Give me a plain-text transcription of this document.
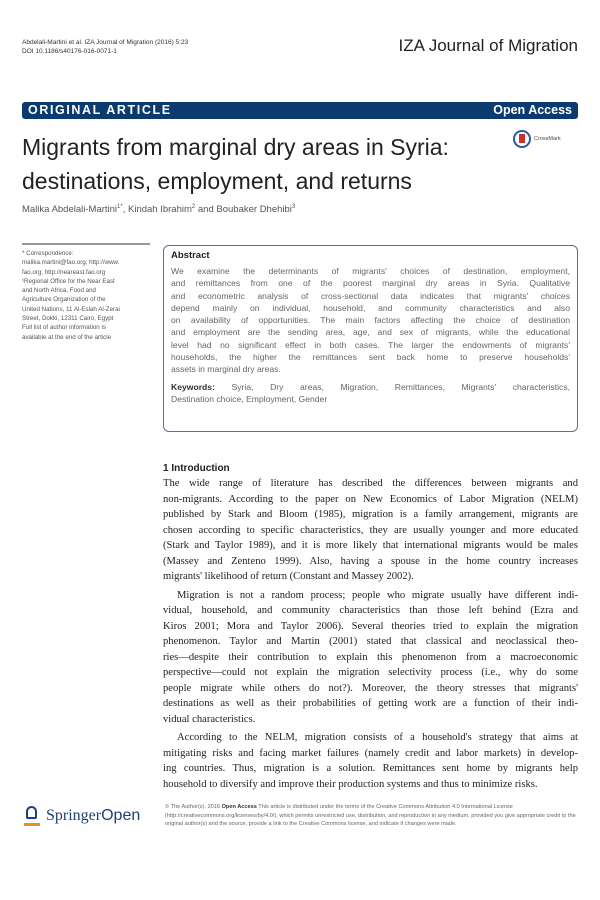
Abdelali-Martini et al. IZA Journal of Migration (2016) 5:23
DOI 10.1186/s40176-016-0071-1	IZA Journal of Migration
ORIGINAL ARTICLE	Open Access
CrossMark
Migrants from marginal dry areas in Syria:
destinations, employment, and returns
Malika Abdelali-Martini$^{1*}$, Kindah Ibrahim$^2$ and Boubaker Dhehibi$^3$
* Correspondence:
malika.martini@fao.org; http://www.
fao.org; http://neareast.fao.org
¹Regional Office for the Near East
and North Africa, Food and
Agriculture Organization of the
United Nations, 11 Al-Eslah Al-Zerai
Street, Dokki, 12311 Cairo, Egypt
Full list of author information is
available at the end of the article
Abstract
We examine the determinants of migrants' choices of destination, employment,
and remittances from one of the poorest marginal dry areas in Syria. Qualitative
and econometric analysis of cross-sectional data indicates that migrants' choices
depend mainly on individual, household, and community characteristics and also
on availability of opportunities. The main factors affecting the choice of destination
and employment are the sending area, age, and sex of migrants, while the educational
level had no significant effect in both cases. The larger the endowments of migrants'
households, the higher the remittances sent back home to preserve households'
assets in marginal dry areas.
Keywords: Syria, Dry areas, Migration, Remittances, Migrants' characteristics,
Destination choice, Employment, Gender
1 Introduction
The wide range of literature has described the differences between migrants and
non-migrants. According to the paper on New Economics of Labor Migration (NELM)
published by Stark and Bloom (1985), migration is a family arrangement, migrants are
chosen according to specific characteristics, they are usually younger and more educated
(Stark and Taylor 1989), and it is more likely that international migrants would be males
(Massey and Zenteno 1999). Also, having a spouse in the home country increases
migrants' likelihood of return (Constant and Massey 2002).
Migration is not a random process; people who migrate usually have different indi-
vidual, household, and community characteristics than those left behind (Ezra and
Kiros 2001; Mora and Taylor 2006). Several theories tried to explain the migration
phenomenon. Taylor and Martin (2001) stated that classical and neoclassical theo-
ries—despite their contribution to explain this phenomenon from a macroeconomic
perspective—could not explain the migration selectivity process (i.e., why do some
people migrate while others do not?). Moreover, the theory stresses that migrants'
destinations as well as their probabilities of getting work are a function of their indi-
vidual characteristics.
According to the NELM, migration consists of a household's strategy that aims at
mitigating risks and facing market failures (namely credit and labor markets) in develop-
ing countries. Thus, migration is a solution. Remittances sent home by migrants help
household to diversify and improve their production systems and thus to minimize risks.
SpringerOpen	© The Author(s). 2016 Open Access This article is distributed under the terms of the Creative Commons Attribution 4.0 International License (http://creativecommons.org/licenses/by/4.0/), which permits unrestricted use, distribution, and reproduction in any medium, provided you give appropriate credit to the original author(s) and the source, provide a link to the Creative Commons license, and indicate if changes were made.
